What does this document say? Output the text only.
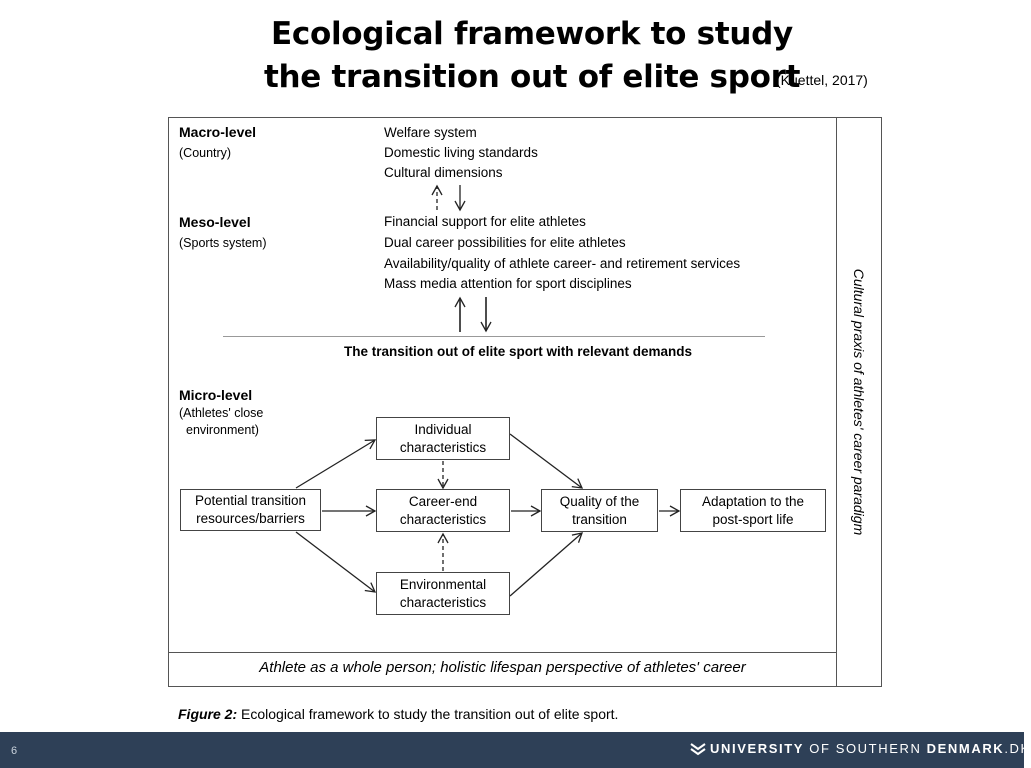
Ecological framework to study
the transition out of elite sport
(Kuettel, 2017)
Macro-level
(Country)
Welfare system
Domestic living standards
Cultural dimensions
Meso-level
(Sports system)
Financial support for elite athletes
Dual career possibilities for elite athletes
Availability/quality of athlete career- and retirement services
Mass media attention for sport disciplines
The transition out of elite sport with relevant demands
Micro-level
(Athletes' close
environment)
Potential transition
resources/barriers
Individual
characteristics
Career-end
characteristics
Environmental
characteristics
Quality of the
transition
Adaptation to the
post-sport life	Cultural praxis of athletes' career paradigm
Athlete as a whole person; holistic lifespan perspective of athletes' career
Figure 2: Ecological framework to study the transition out of elite sport.
6	UNIVERSITY OF SOUTHERN DENMARK.DK
